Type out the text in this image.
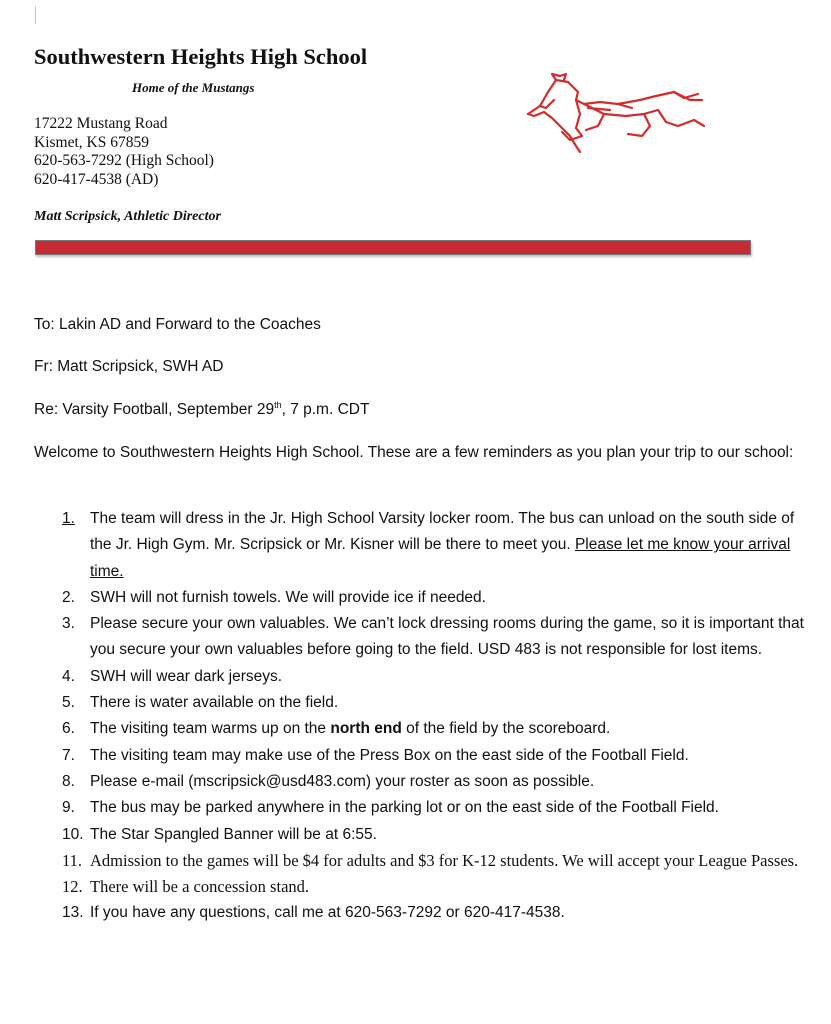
Southwestern Heights High School
Home of the Mustangs
17222 Mustang Road
Kismet, KS 67859
620-563-7292 (High School)
620-417-4538 (AD)
Matt Scripsick, Athletic Director
To: Lakin AD and Forward to the Coaches
Fr: Matt Scripsick, SWH AD
Re: Varsity Football, September 29th, 7 p.m. CDT
Welcome to Southwestern Heights High School. These are a few reminders as you plan your trip to our school:
1. The team will dress in the Jr. High School Varsity locker room. The bus can unload on the south side of the Jr. High Gym. Mr. Scripsick or Mr. Kisner will be there to meet you. Please let me know your arrival time.
2. SWH will not furnish towels. We will provide ice if needed.
3. Please secure your own valuables. We can’t lock dressing rooms during the game, so it is important that you secure your own valuables before going to the field. USD 483 is not responsible for lost items.
4. SWH will wear dark jerseys.
5. There is water available on the field.
6. The visiting team warms up on the north end of the field by the scoreboard.
7. The visiting team may make use of the Press Box on the east side of the Football Field.
8. Please e-mail (mscripsick@usd483.com) your roster as soon as possible.
9. The bus may be parked anywhere in the parking lot or on the east side of the Football Field.
10. The Star Spangled Banner will be at 6:55.
11. Admission to the games will be $4 for adults and $3 for K-12 students. We will accept your League Passes.
12. There will be a concession stand.
13. If you have any questions, call me at 620-563-7292 or 620-417-4538.
